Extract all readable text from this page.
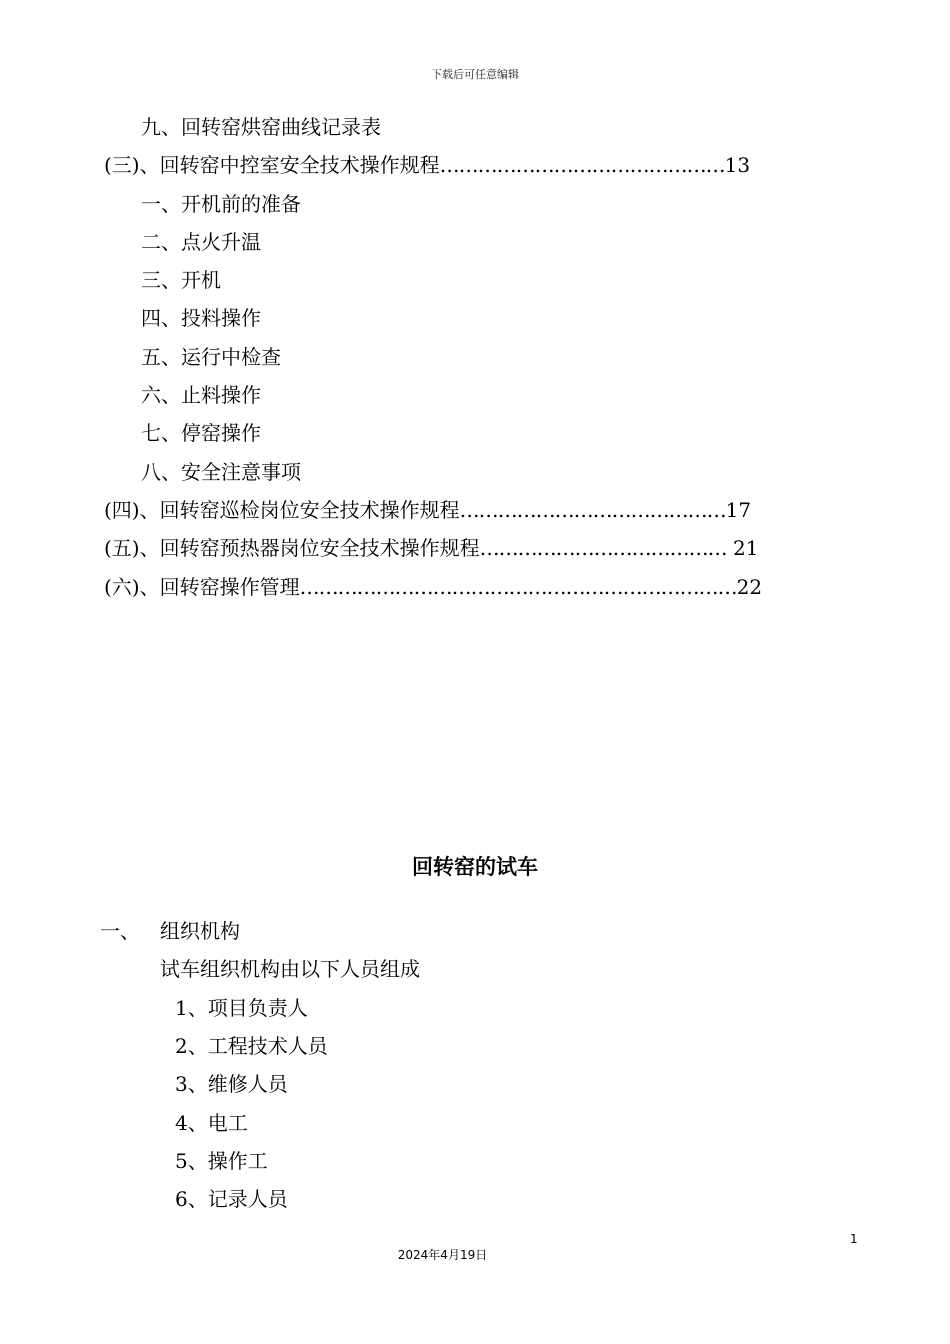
下载后可任意编辑
九、回转窑烘窑曲线记录表
(三)、回转窑中控室安全技术操作规程………………………………………13
一、开机前的准备
二、点火升温
三、开机
四、投料操作
五、运行中检查
六、止料操作
七、停窑操作
八、安全注意事项
(四)、回转窑巡检岗位安全技术操作规程……………………………………17
(五)、回转窑预热器岗位安全技术操作规程………………………………… 21
(六)、回转窑操作管理……………………………………………………………22
回转窑的试车
一、 组织机构
试车组织机构由以下人员组成
1、项目负责人
2、工程技术人员
3、维修人员
4、电工
5、操作工
6、记录人员
1
2024年4月19日
